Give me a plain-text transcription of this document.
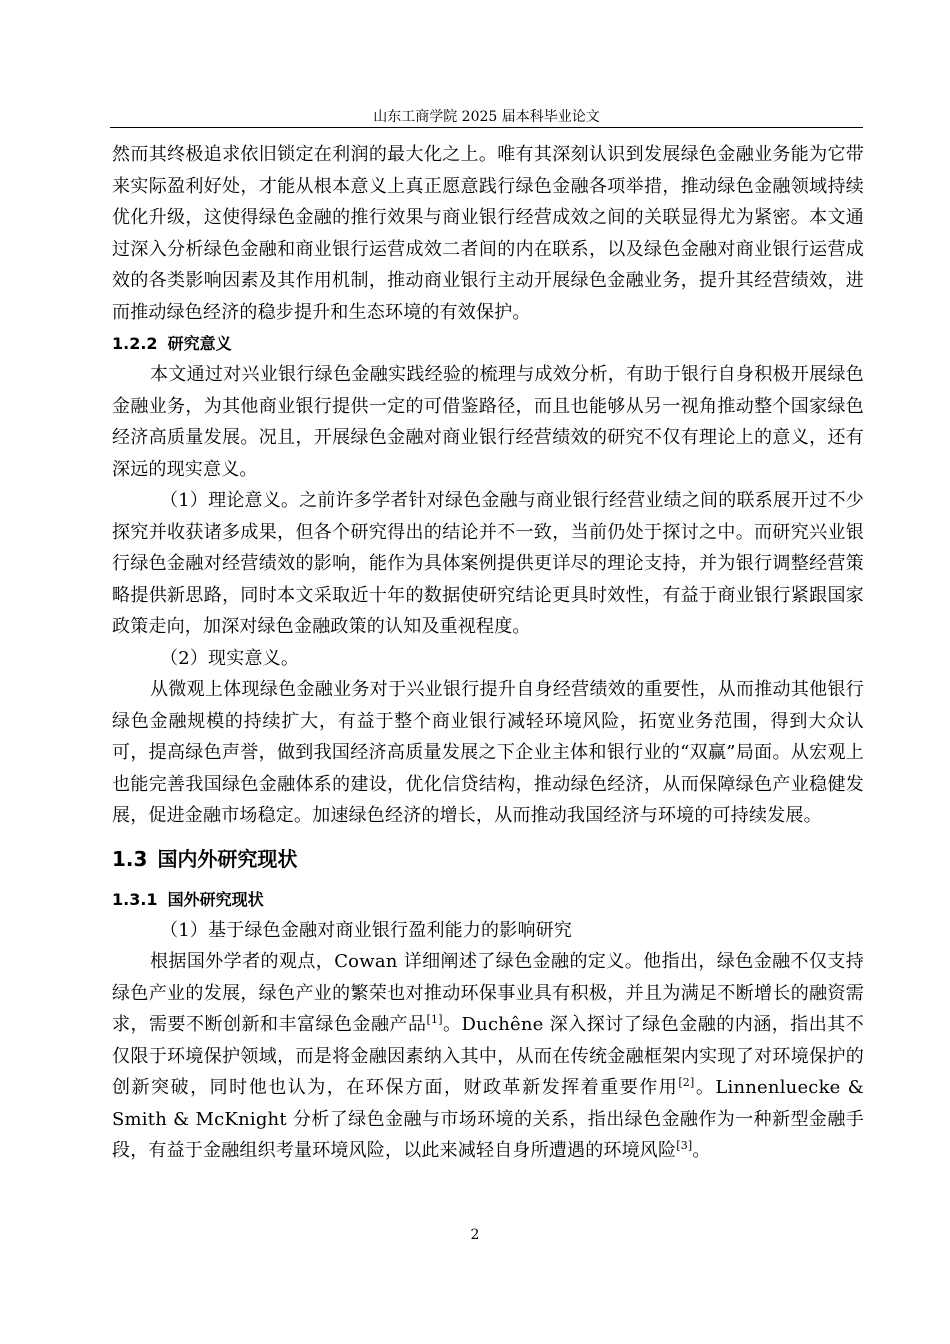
山东工商学院 2025 届本科毕业论文

然而其终极追求依旧锁定在利润的最大化之上。唯有其深刻认识到发展绿色金融业务能为它带来实际盈利好处，才能从根本意义上真正愿意践行绿色金融各项举措，推动绿色金融领域持续优化升级，这使得绿色金融的推行效果与商业银行经营成效之间的关联显得尤为紧密。本文通过深入分析绿色金融和商业银行运营成效二者间的内在联系，以及绿色金融对商业银行运营成效的各类影响因素及其作用机制，推动商业银行主动开展绿色金融业务，提升其经营绩效，进而推动绿色经济的稳步提升和生态环境的有效保护。

1.2.2 研究意义

本文通过对兴业银行绿色金融实践经验的梳理与成效分析，有助于银行自身积极开展绿色金融业务，为其他商业银行提供一定的可借鉴路径，而且也能够从另一视角推动整个国家绿色经济高质量发展。况且，开展绿色金融对商业银行经营绩效的研究不仅有理论上的意义，还有深远的现实意义。

（1）理论意义。之前许多学者针对绿色金融与商业银行经营业绩之间的联系展开过不少探究并收获诸多成果，但各个研究得出的结论并不一致，当前仍处于探讨之中。而研究兴业银行绿色金融对经营绩效的影响，能作为具体案例提供更详尽的理论支持，并为银行调整经营策略提供新思路，同时本文采取近十年的数据使研究结论更具时效性，有益于商业银行紧跟国家政策走向，加深对绿色金融政策的认知及重视程度。

（2）现实意义。

从微观上体现绿色金融业务对于兴业银行提升自身经营绩效的重要性，从而推动其他银行绿色金融规模的持续扩大，有益于整个商业银行减轻环境风险，拓宽业务范围，得到大众认可，提高绿色声誉，做到我国经济高质量发展之下企业主体和银行业的“双赢”局面。从宏观上也能完善我国绿色金融体系的建设，优化信贷结构，推动绿色经济，从而保障绿色产业稳健发展，促进金融市场稳定。加速绿色经济的增长，从而推动我国经济与环境的可持续发展。

1.3 国内外研究现状
1.3.1 国外研究现状

（1）基于绿色金融对商业银行盈利能力的影响研究

根据国外学者的观点，Cowan 详细阐述了绿色金融的定义。他指出，绿色金融不仅支持绿色产业的发展，绿色产业的繁荣也对推动环保事业具有积极，并且为满足不断增长的融资需求，需要不断创新和丰富绿色金融产品[1]。Duchêne 深入探讨了绿色金融的内涵，指出其不仅限于环境保护领域，而是将金融因素纳入其中，从而在传统金融框架内实现了对环境保护的创新突破，同时他也认为，在环保方面，财政革新发挥着重要作用[2]。Linnenluecke & Smith & McKnight 分析了绿色金融与市场环境的关系，指出绿色金融作为一种新型金融手段，有益于金融组织考量环境风险，以此来减轻自身所遭遇的环境风险[3]。

2
